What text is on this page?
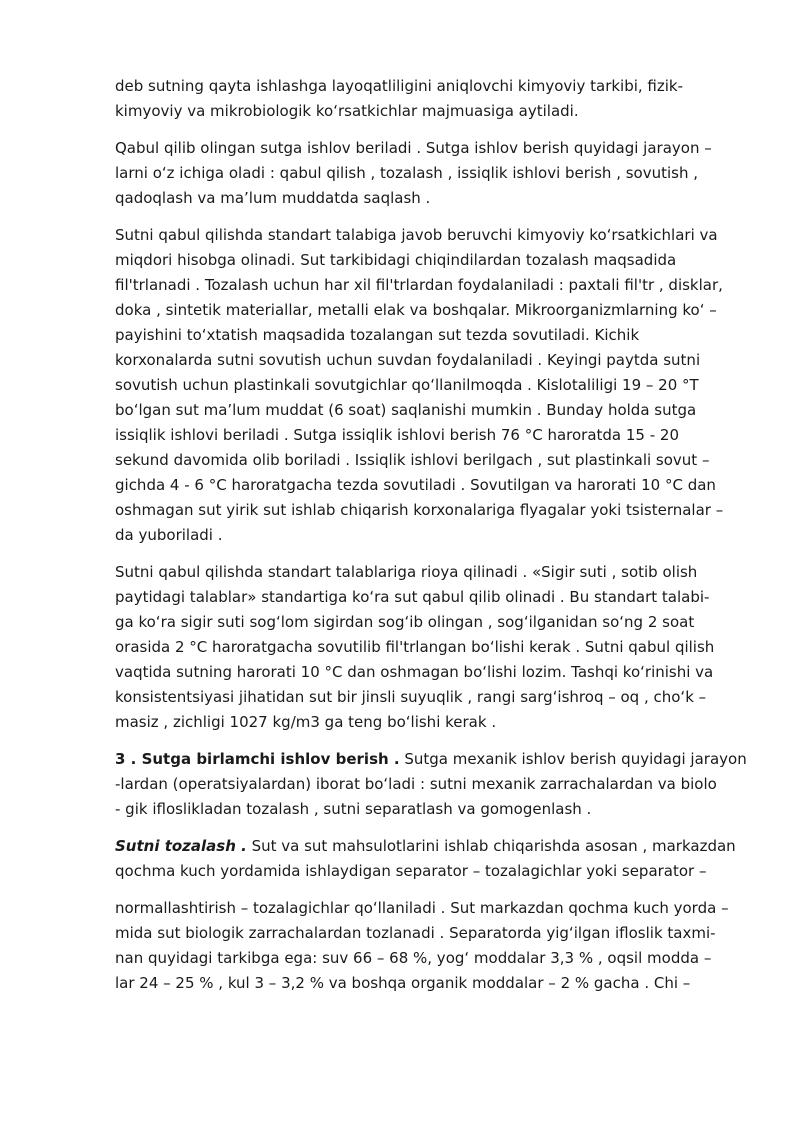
deb sutning qayta ishlashga layoqatliligini aniqlovchi kimyoviy tarkibi, fizik-
kimyoviy va mikrobiologik koʻrsatkichlar majmuasiga aytiladi.
Qabul qilib olingan sutga ishlov beriladi . Sutga ishlov berish quyidagi jarayon –
larni oʻz ichiga oladi : qabul qilish , tozalash , issiqlik ishlovi berish , sovutish ,
qadoqlash va maʼlum muddatda saqlash .
Sutni qabul qilishda standart talabiga javob beruvchi kimyoviy koʻrsatkichlari va
miqdori hisobga olinadi. Sut tarkibidagi chiqindilardan tozalash maqsadida
fil'trlanadi . Tozalash uchun har xil fil'trlardan foydalaniladi : paxtali fil'tr , disklar,
doka , sintetik materiallar, metalli elak va boshqalar. Mikroorganizmlarning koʻ –
payishini toʻxtatish maqsadida tozalangan sut tezda sovutiladi. Kichik
korxonalarda sutni sovutish uchun suvdan foydalaniladi . Keyingi paytda sutni
sovutish uchun plastinkali sovutgichlar qoʻllanilmoqda . Kislotaliligi 19 – 20 °T
boʻlgan sut maʼlum muddat (6 soat) saqlanishi mumkin . Bunday holda sutga
issiqlik ishlovi beriladi . Sutga issiqlik ishlovi berish 76 °C haroratda 15 - 20
sekund davomida olib boriladi . Issiqlik ishlovi berilgach , sut plastinkali sovut –
gichda 4 - 6 °C haroratgacha tezda sovutiladi . Sovutilgan va harorati 10 °C dan
oshmagan sut yirik sut ishlab chiqarish korxonalariga flyagalar yoki tsisternalar –
da yuboriladi .
Sutni qabul qilishda standart talablariga rioya qilinadi . «Sigir suti , sotib olish
paytidagi talablar» standartiga koʻra sut qabul qilib olinadi . Bu standart talabi-
ga koʻra sigir suti sogʻlom sigirdan sogʻib olingan , sogʻilganidan soʻng 2 soat
orasida 2 °C haroratgacha sovutilib fil'trlangan boʻlishi kerak . Sutni qabul qilish
vaqtida sutning harorati 10 °C dan oshmagan boʻlishi lozim. Tashqi koʻrinishi va
konsistentsiyasi jihatidan sut bir jinsli suyuqlik , rangi sargʻishroq – oq , choʻk –
masiz , zichligi 1027 kg/m3 ga teng boʻlishi kerak .
3 . Sutga birlamchi ishlov berish . Sutga mexanik ishlov berish quyidagi jarayon
-lardan (operatsiyalardan) iborat boʻladi : sutni mexanik zarrachalardan va biolo
- gik ifloslikladan tozalash , sutni separatlash va gomogenlash .
Sutni tozalash . Sut va sut mahsulotlarini ishlab chiqarishda asosan , markazdan
qochma kuch yordamida ishlaydigan separator – tozalagichlar yoki separator –
normallashtirish – tozalagichlar qoʻllaniladi . Sut markazdan qochma kuch yorda –
mida sut biologik zarrachalardan tozlanadi . Separatorda yigʻilgan ifloslik taxmi-
nan quyidagi tarkibga ega: suv 66 – 68 %, yogʻ moddalar 3,3 % , oqsil modda –
lar 24 – 25 % , kul 3 – 3,2 % va boshqa organik moddalar – 2 % gacha . Chi –
